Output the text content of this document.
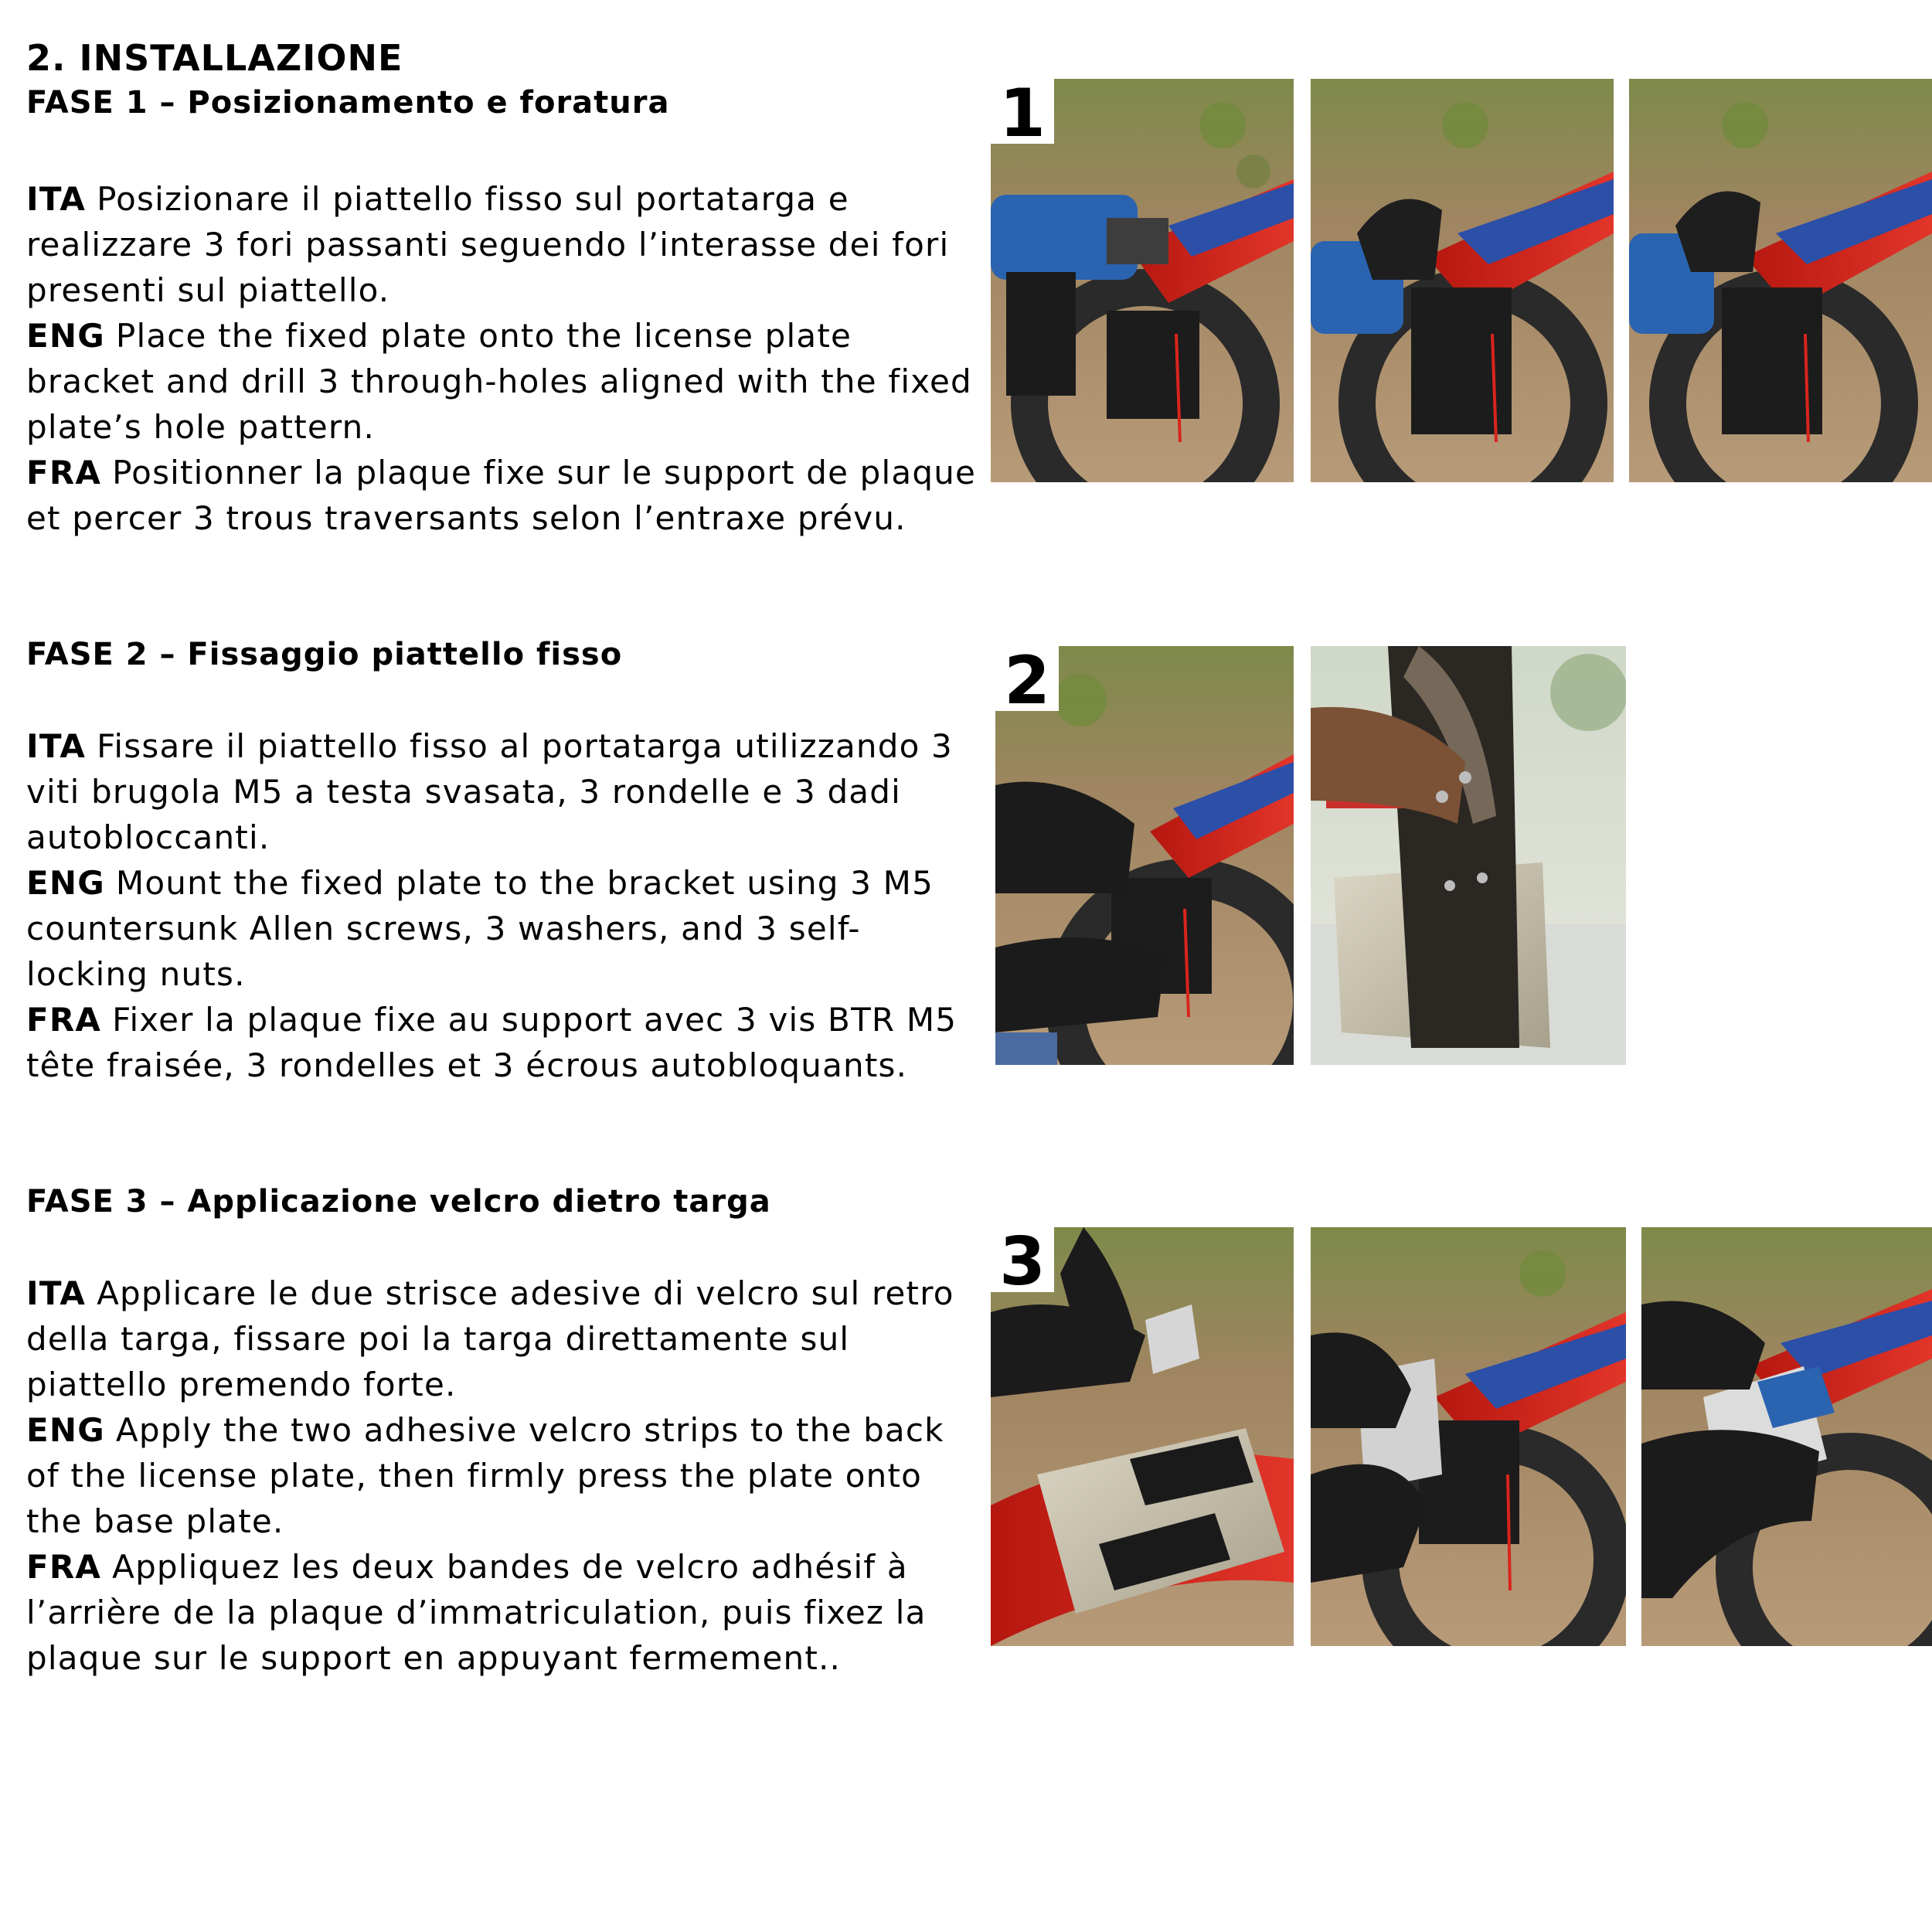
2. INSTALLAZIONE
FASE 1 – Posizionamento e foratura

ITA Posizionare il piattello fisso sul portatarga e realizzare 3 fori passanti seguendo l’interasse dei fori presenti sul piattello.

ENG Place the fixed plate onto the license plate bracket and drill 3 through-holes aligned with the fixed plate’s hole pattern.

FRA Positionner la plaque fixe sur le support de plaque et percer 3 trous traversants selon l’entraxe prévu.

FASE 2 – Fissaggio piattello fisso

ITA Fissare il piattello fisso al portatarga utilizzando 3 viti brugola M5 a testa svasata, 3 rondelle e 3 dadi autobloccanti.

ENG Mount the fixed plate to the bracket using 3 M5 countersunk Allen screws, 3 washers, and 3 self-locking nuts.

FRA Fixer la plaque fixe au support avec 3 vis BTR M5 tête fraisée, 3 rondelles et 3 écrous autobloquants.

FASE 3 – Applicazione velcro dietro targa

ITA Applicare le due strisce adesive di velcro sul retro della targa, fissare poi la targa direttamente sul piattello premendo forte.

ENG Apply the two adhesive velcro strips to the back of the license plate, then firmly press the plate onto the base plate.

FRA Appliquez les deux bandes de velcro adhésif à l’arrière de la plaque d’immatriculation, puis fixez la plaque sur le support en appuyant fermement..

1
2
3
